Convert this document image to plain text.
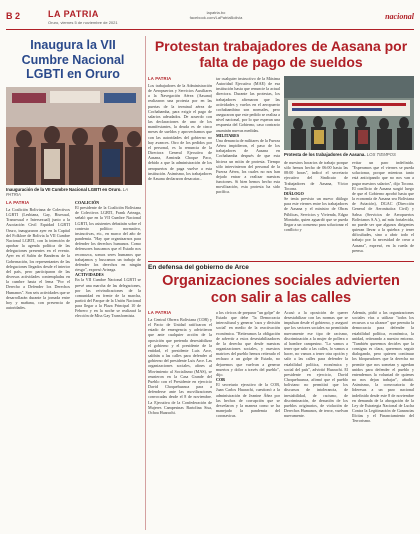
B 2	LA PATRIA
Oruro, viernes 5 de noviembre de 2021
lapatria.bo
facebook.com/LaPatriaBolivia	nacional
Inaugura la VII Cumbre Nacional LGBTI en Oruro
Inauguración de la VII Cumbre Nacional LGBTI en Oruro. LA PATRIA
LA PATRIA
La Coalición Boliviana de Colectivos LGBTI (Lesbiana, Gay, Bisexual, Transexual e Intersexual) junto a la Asociación Civil Equidad LGBTI Oruro, inauguraron ayer en la Capital del Folklore de Bolivia la VII Cumbre Nacional LGBTI, con la intención de aprobar la agenda política de las delegaciones presentes en el evento. Ayer en el Salón de Banderas de la Gobernación, los representantes de las delegaciones llegados desde el interior del país, pero participaron de las diversas actividades contempladas en la cumbre hasta el lema "Por el Derecho a Defender los Derechos Humanos". Son seis actividades que se desarrollarán durante la jornada entre hoy y mañana, con presencia de autoridades.
COALICIÓN
El presidente de la Coalición Boliviana de Colectivos LGBTI, Frank Arteaga, señaló que en la VII Cumbre Nacional LGBTI, los asistentes debatirán sobre el contexto político normativo, instructivas, etc., en marco del año de pandemia. "Hay que organizarnos para defender los derechos humanos. Como defensores buscamos que el Estado nos reconozca, somos seres humanos que trabajamos y buscamos un trabajo de defender los derechos en ningún riesgo", expresó Arteaga.
ACTIVIDADES
En la VII Cumbre Nacional LGBTI se prevé una marcha de las delegaciones, por las reivindicaciones de la comunidad en frente de la marcha, partirá del Parque de la Unión Nacional para llegar a la Plaza Principal 10 de Febrero y en la noche se realizará la elección de Miss Gay Transformista.
Protestan trabajadores de Aasana por falta de pago de sueldos
LA PATRIA
Los trabajadores de la Administración de Aeropuertos y Servicios Auxiliares a la Navegación Aérea (Aasana) realizaron una protesta por en las puertas de la terminal aérea de Cochabamba, para exigir el pago de salarios adeudados. De acuerdo con las declaraciones de uno de los manifestantes, la deuda es de cinco meses de sueldos y aprovechamos que con las autoridades del gobierno no hay avances. Otro de los pedidos por el personal, es la renuncia de la Directora General Ejecutiva de Aasana, Arminda Choque Paco, debido a que la administración de los aeropuertos de paga vuelve a esta institución. Asimismo, los trabajadores de Aasana declararon desacatar...
tar cualquier instructivo de la Máxima Autoridad Ejecutiva (MAE) de esa institución hasta que renuncie la actual directora. Durante las protestas, los trabajadores afirmaron que las actividades y vuelos en el aeropuerto cochabambino son normales, pero aseguraron que este pedido se realiza a nivel nacional, por lo que esperan una respuesta del Gobierno, caso contrario asumirán nuevas medidas.
MILITARES
Una denuncia de militares de la Fuerza Aérea impidieron, el paso de los trabajadores de Aasana en Cochabamba después de que esta hiciera un mitin de protesta. Tiempo sólo intervinieron del personal de la Fuerza Aérea, los cuales no nos han dejado entrar a realizar nuestras funciones. Si bien hemos hecho esta movilización, esta protesta ha sido pacífica.
Protesta de los trabajadores de Aasana. LOS TIEMPOS
de nuestros horarios de trabajo porque sólo hemos hecho de 06:00 hasta las 08:00 horas", indicó el secretario ejecutivo del Sindicato de Trabajadores de Aasana, Víctor Tocona.
DIÁLOGO
Se tenía previsto un nuevo diálogo para este viernes entre los trabajadores de Aasana y el ministro de Obras Públicas, Servicios y Vivienda, Edgar Montaño, quien aguardó que se pueda llegar a un consenso para solucionar el conflicto y
evitar un paro indefinido. "Esperamos que el viernes se pueda solucionar, porque mientras tanto está anticipando que no nos van a pagar nuestros salarios", dijo Tocona. El conflicto de Aasana surgió luego de que el Gobierno aprobó hasta que la economía de Aasana sea Boliviana de Aviación), DGAC (Dirección General de Aeronáutica Civil) y Sabsa (Servicios de Aeropuertos Bolivianos S.A.), así más fortalecida, no puede ser que algunos dirigentes quieran llevar a la quiebra y tener dificultades, sino a abrir todo el trabajo por la necesidad de crear a Aasana", expresó, en la rueda de prensa.
En defensa del gobierno de Arce
Organizaciones sociales advierten con salir a las calles
LA PATRIA
La Central Obrera Boliviana (COB) y el Pacto de Unidad ratificaron el estado de emergencia y advirtieron que ante cualquier acción de la oposición que pretenda desestabilizar el gobierno y el presidente de la entidad, el presidente Luis Arce, saldrán a las calles para defender al gobierno del presidente Luis Arce. Las organizaciones sociales, afines al Movimiento al Socialismo (MAS), se reunieron en la Casa Grande del Pueblo con el Presidente en ejercicio David Choquehuanca para a defenderse ante las movilizaciones convocadas desde el 8 de noviembre. La Ejecutiva de la Confederación de Mujeres Campesinas Bartolina Sisa, Ochoa Huarachi.
a los cívicos de preparar "un golpe" de Estado que debe "la Democracia intercultural y generar 'caos y división social' en medio de la reactivación económica. "Reiteramos la obligación de advertir a estos desestabilizadores de la derecha que desde nuestras organizaciones sociales, y nuestros matrices del pueblo hemos reiterado el rechazo a un golpe de Estado, no dejaremos que vuelvan a generar muertos y dolor a través del pueblo", dijo.
COB
El secretario ejecutivo de la COB, Juan Carlos Huarachi, cuestionó a la administración de Jeanine Áñez por las hechos de corrupción que se desvelaron y la manera como se ha manejado la pandemia del coronavirus.
Acusó a la oposición de querer desestabilizar con las normas que se impulsan desde el gobierno, y aseguró que los sectores sociales no permitirán nuevamente ese tipo de racismo, discriminación a la mujer de pollera o al hombre campesino. "Lo vamos a tener que salir a las calles, lo vamos a hacer, no vamos a tener otra opción y salir a las calles para defender la estabilidad política, económica y social del país", advirtió Huarachi. El presidente en ejercicio, David Choquehuanca, afirmó que el pueblo boliviano no permitirá que los discursos de intolerancia, de inestabilidad, de racismo, de discriminación, de desunión de los pueblos originarios, de violación de Derechos Humanos, de terror, vuelvan nuevamente.
Además, pidió a las organizaciones sociales vías a utilizar "todos los recursos a su alcance" que permita la democracia para defender la estabilidad política, económica, la unidad, reiterando a nuestro entorno. "También queremos decirles que la consigna es clara, queremos seguir dialogando, pero quieren continuar los bloqueadores que la derecha no permite que nos sometan y agredan unidos para defender el pueblo y entendemos la voluntad de quienes no nos dejan trabajar", añadió. Asimismo, la convocatoria de lideresas a un paro nacional indefinido desde este 8 de noviembre en demanda de la abrogación de la Ley de Estrategia Nacional de Lucha Contra la Legitimación de Ganancias Ilícitas y el Financiamiento del Terrorismo.
